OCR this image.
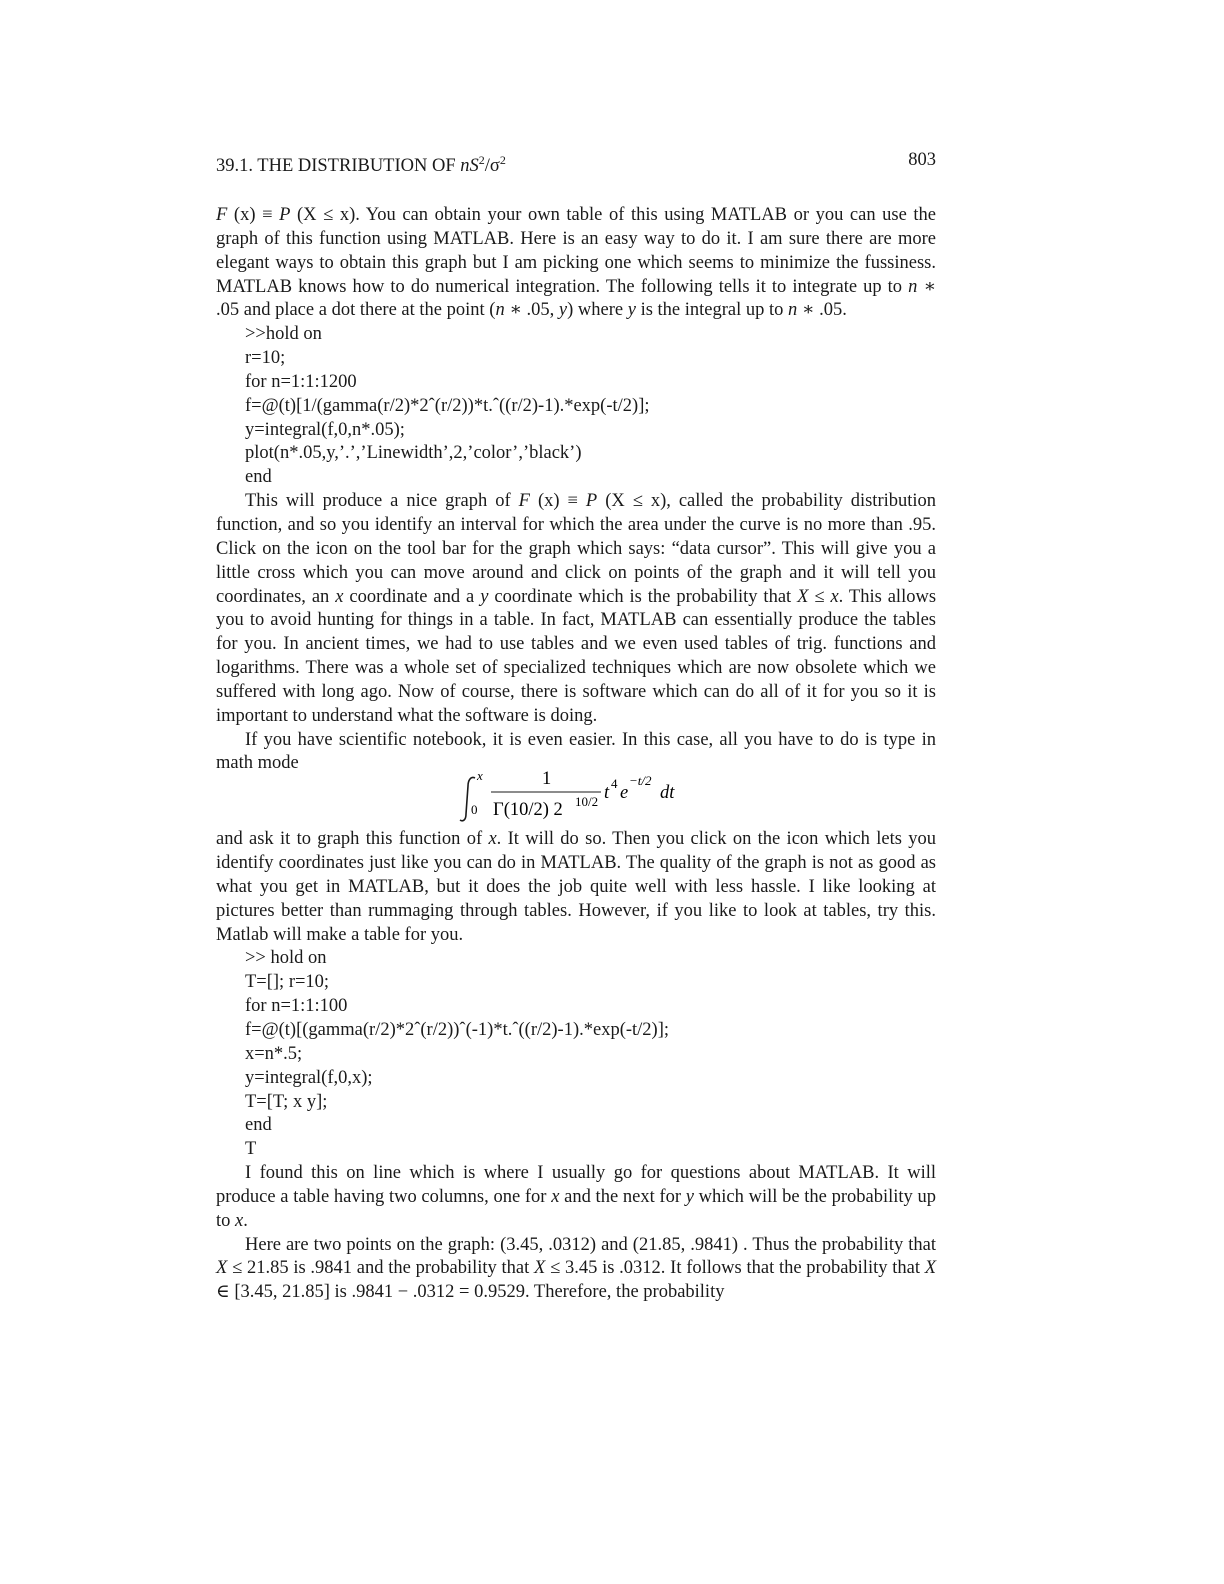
39.1. THE DISTRIBUTION OF $nS^2/\sigma^2$	803

F (x) ≡ P (X ≤ x). You can obtain your own table of this using MATLAB or you can use the graph of this function using MATLAB. Here is an easy way to do it. I am sure there are more elegant ways to obtain this graph but I am picking one which seems to minimize the fussiness. MATLAB knows how to do numerical integration. The following tells it to integrate up to n ∗ .05 and place a dot there at the point (n ∗ .05, y) where y is the integral up to n ∗ .05.

>>hold on
r=10;
for n=1:1:1200
f=@(t)[1/(gamma(r/2)*2ˆ(r/2))*t.ˆ((r/2)-1).*exp(-t/2)];
y=integral(f,0,n*.05);
plot(n*.05,y,’.’,’Linewidth’,2,’color’,’black’)
end

This will produce a nice graph of F (x) ≡ P (X ≤ x), called the probability distribution function, and so you identify an interval for which the area under the curve is no more than .95. Click on the icon on the tool bar for the graph which says: “data cursor”. This will give you a little cross which you can move around and click on points of the graph and it will tell you coordinates, an x coordinate and a y coordinate which is the probability that X ≤ x. This allows you to avoid hunting for things in a table. In fact, MATLAB can essentially produce the tables for you. In ancient times, we had to use tables and we even used tables of trig. functions and logarithms. There was a whole set of specialized techniques which are now obsolete which we suffered with long ago. Now of course, there is software which can do all of it for you so it is important to understand what the software is doing.

If you have scientific notebook, it is even easier. In this case, all you have to do is type in math mode

x
0
1
Γ(10/2) 2 10/2 t 4 e
−t/2
dt

and ask it to graph this function of x. It will do so. Then you click on the icon which lets you identify coordinates just like you can do in MATLAB. The quality of the graph is not as good as what you get in MATLAB, but it does the job quite well with less hassle. I like looking at pictures better than rummaging through tables. However, if you like to look at tables, try this. Matlab will make a table for you.

>> hold on
T=[]; r=10;
for n=1:1:100
f=@(t)[(gamma(r/2)*2ˆ(r/2))ˆ(-1)*t.ˆ((r/2)-1).*exp(-t/2)];
x=n*.5;
y=integral(f,0,x);
T=[T; x y];
end
T

I found this on line which is where I usually go for questions about MATLAB. It will produce a table having two columns, one for x and the next for y which will be the probability up to x.

Here are two points on the graph: (3.45, .0312) and (21.85, .9841) . Thus the probability that X ≤ 21.85 is .9841 and the probability that X ≤ 3.45 is .0312. It follows that the probability that X ∈ [3.45, 21.85] is .9841 − .0312 = 0.9529. Therefore, the probability
